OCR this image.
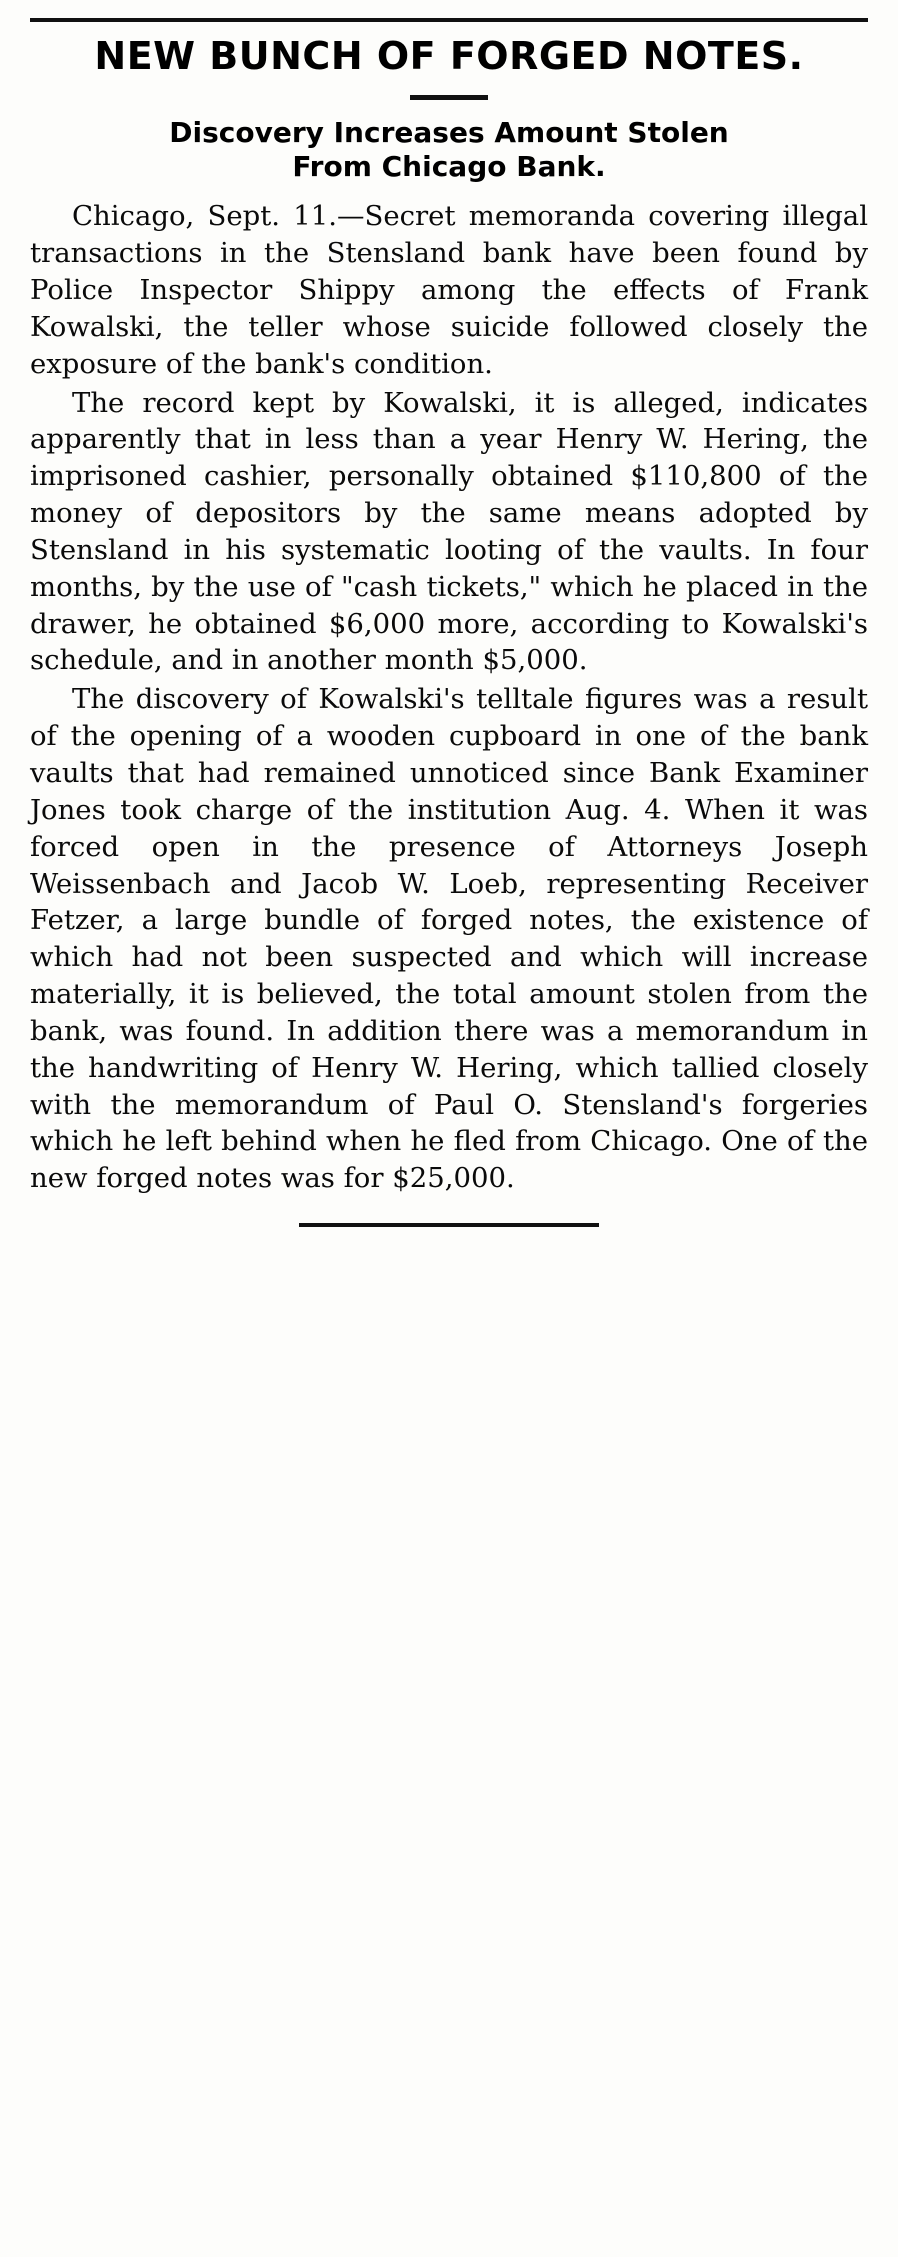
NEW BUNCH OF FORGED NOTES.
Discovery Increases Amount Stolen
From Chicago Bank.

Chicago, Sept. 11.—Secret memoranda covering illegal transactions in the Stensland bank have been found by Police Inspector Shippy among the effects of Frank Kowalski, the teller whose suicide followed closely the exposure of the bank's condition.

The record kept by Kowalski, it is alleged, indicates apparently that in less than a year Henry W. Hering, the imprisoned cashier, personally obtained $110,800 of the money of depositors by the same means adopted by Stensland in his systematic looting of the vaults. In four months, by the use of "cash tickets," which he placed in the drawer, he obtained $6,000 more, according to Kowalski's schedule, and in another month $5,000.

The discovery of Kowalski's telltale figures was a result of the opening of a wooden cupboard in one of the bank vaults that had remained unnoticed since Bank Examiner Jones took charge of the institution Aug. 4. When it was forced open in the presence of Attorneys Joseph Weissenbach and Jacob W. Loeb, representing Receiver Fetzer, a large bundle of forged notes, the existence of which had not been suspected and which will increase materially, it is believed, the total amount stolen from the bank, was found. In addition there was a memorandum in the handwriting of Henry W. Hering, which tallied closely with the memorandum of Paul O. Stensland's forgeries which he left behind when he fled from Chicago. One of the new forged notes was for $25,000.
